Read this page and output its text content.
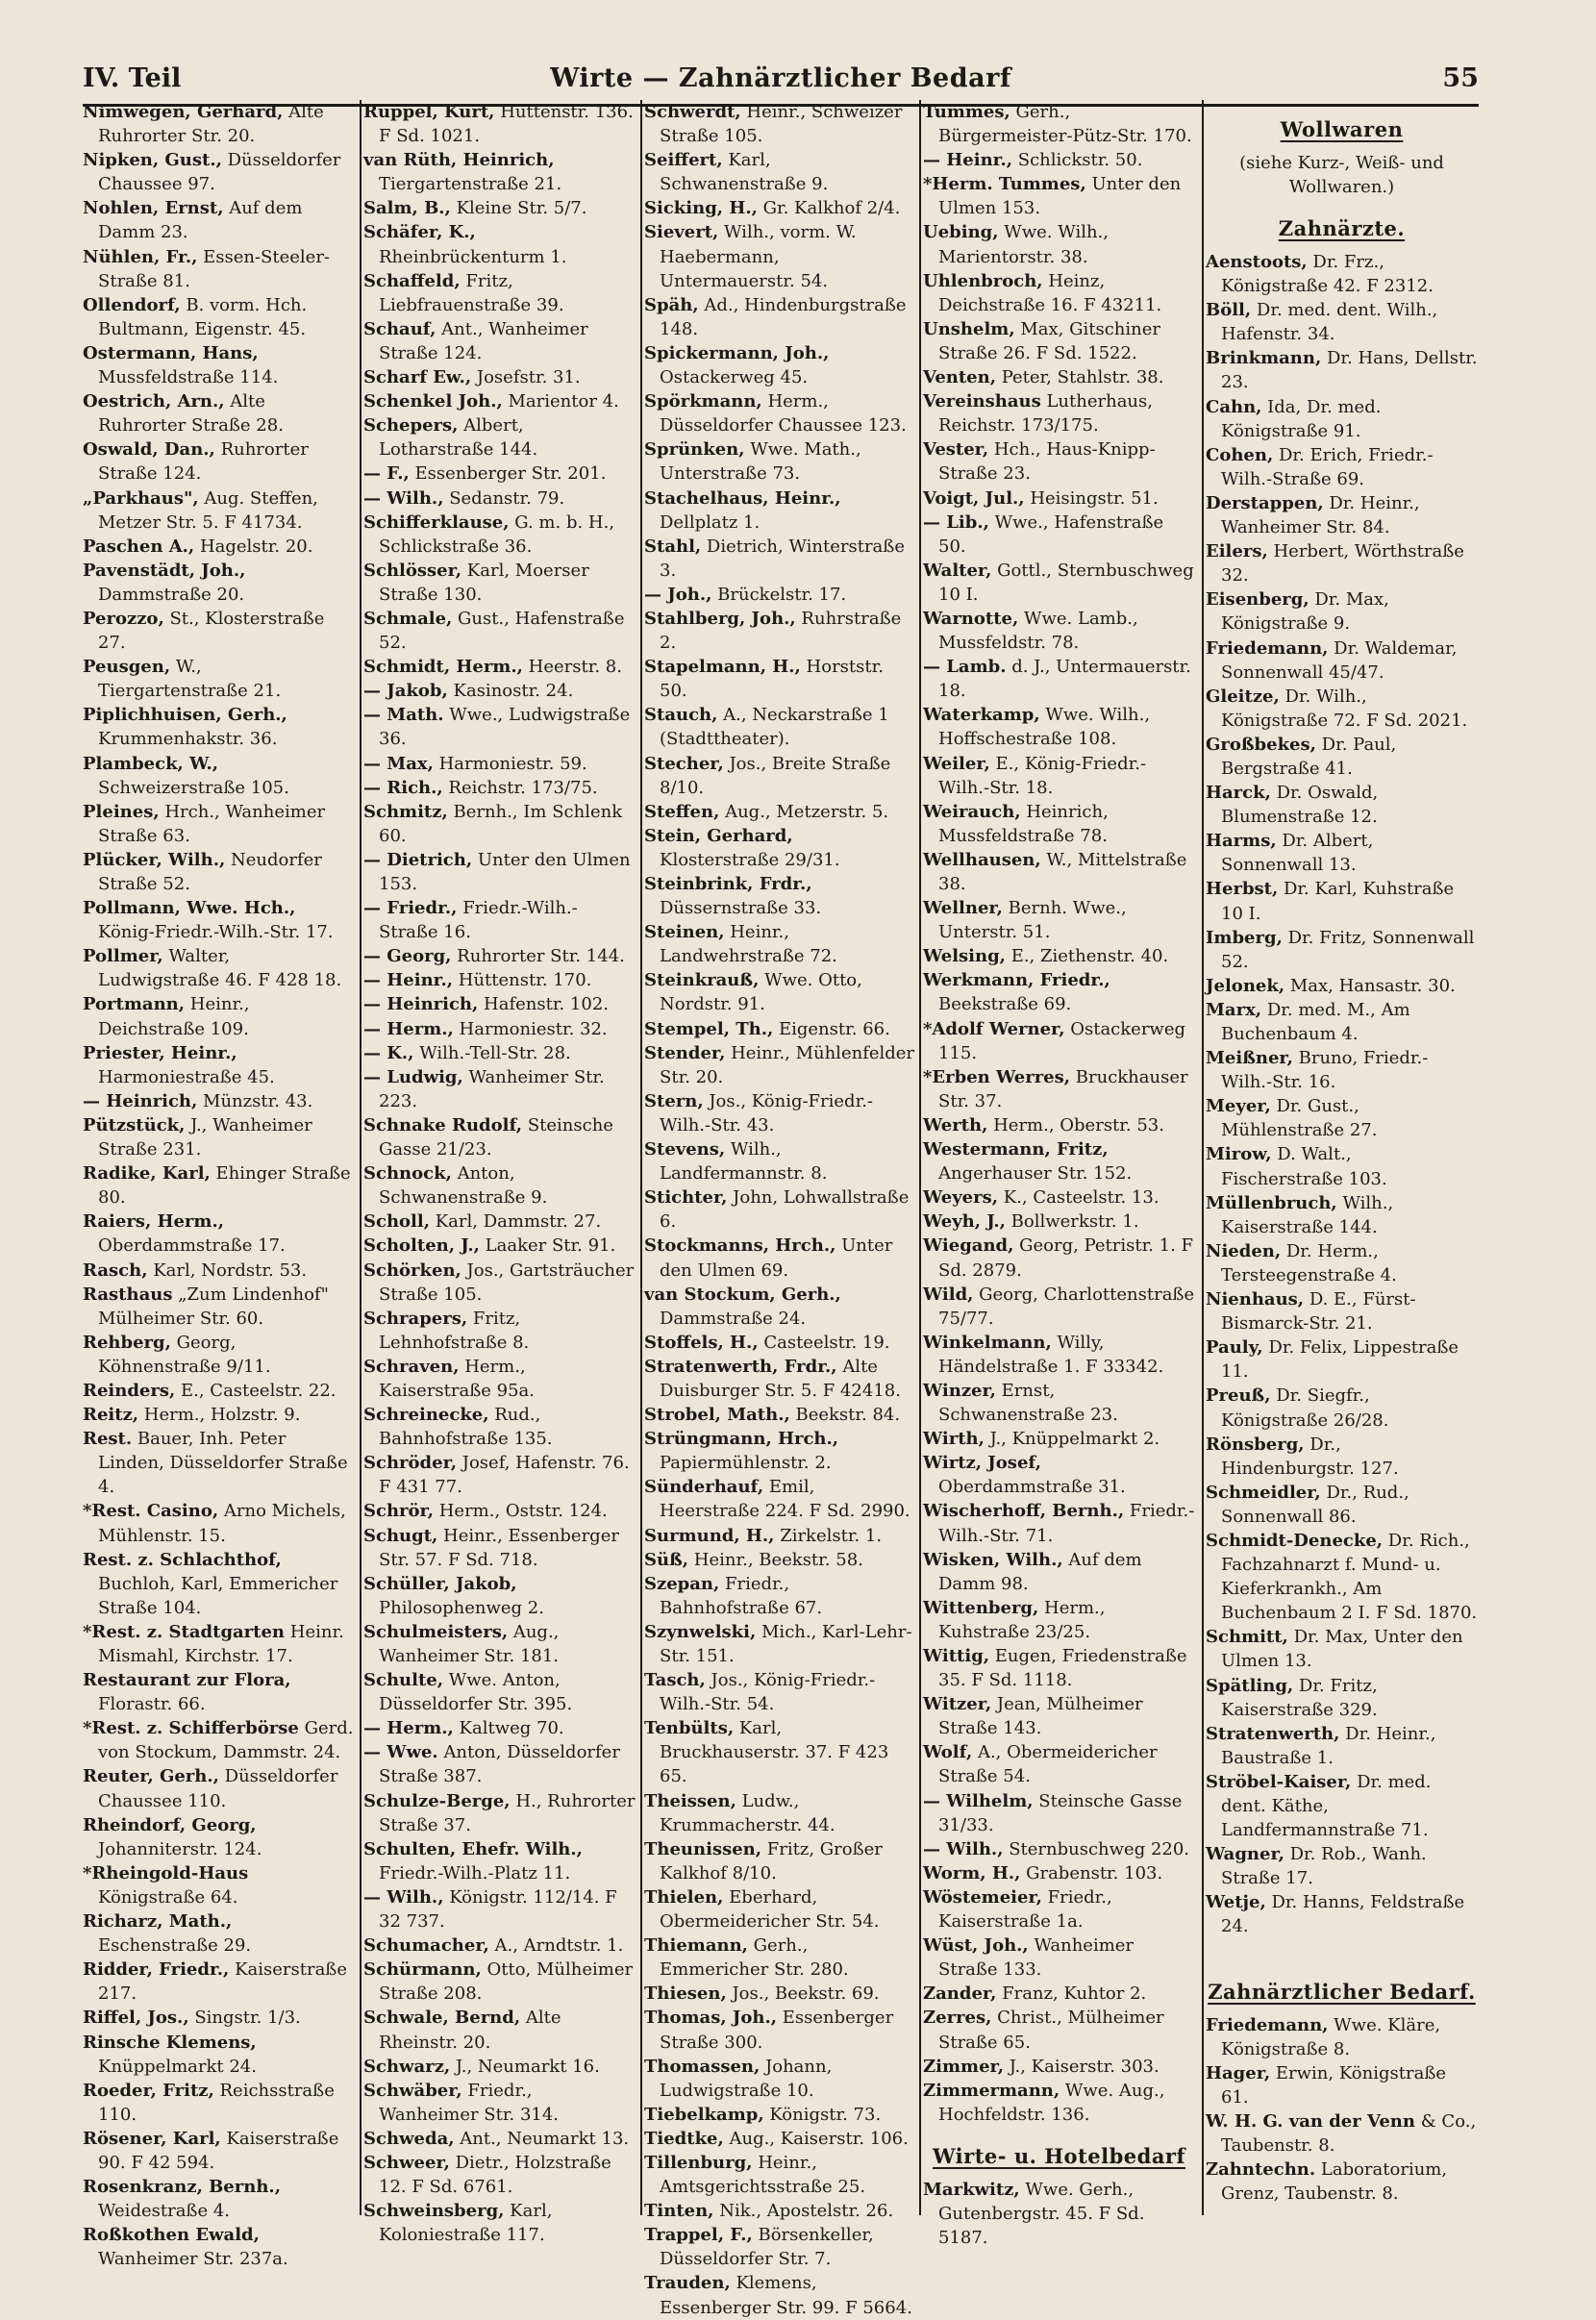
IV. Teil	Wirte — Zahnärztlicher Bedarf	55
Nimwegen, Gerhard, Alte Ruhrorter Str. 20.
Nipken, Gust., Düsseldorfer Chaussee 97.
Nohlen, Ernst, Auf dem Damm 23.
Nühlen, Fr., Essen-Steeler-Straße 81.
Ollendorf, B. vorm. Hch. Bultmann, Eigenstr. 45.
Ostermann, Hans, Mussfeldstraße 114.
Oestrich, Arn., Alte Ruhrorter Straße 28.
Oswald, Dan., Ruhrorter Straße 124.
„Parkhaus", Aug. Steffen, Metzer Str. 5. F 41734.
Paschen A., Hagelstr. 20.
Pavenstädt, Joh., Dammstraße 20.
Perozzo, St., Klosterstraße 27.
Peusgen, W., Tiergartenstraße 21.
Piplichhuisen, Gerh., Krummenhakstr. 36.
Plambeck, W., Schweizerstraße 105.
Pleines, Hrch., Wanheimer Straße 63.
Plücker, Wilh., Neudorfer Straße 52.
Pollmann, Wwe. Hch., König-Friedr.-Wilh.-Str. 17.
Pollmer, Walter, Ludwigstraße 46. F 428 18.
Portmann, Heinr., Deichstraße 109.
Priester, Heinr., Harmoniestraße 45.
— Heinrich, Münzstr. 43.
Pützstück, J., Wanheimer Straße 231.
Radike, Karl, Ehinger Straße 80.
Raiers, Herm., Oberdammstraße 17.
Rasch, Karl, Nordstr. 53.
Rasthaus „Zum Lindenhof" Mülheimer Str. 60.
Rehberg, Georg, Köhnenstraße 9/11.
Reinders, E., Casteelstr. 22.
Reitz, Herm., Holzstr. 9.
Rest. Bauer, Inh. Peter Linden, Düsseldorfer Straße 4.
*Rest. Casino, Arno Michels, Mühlenstr. 15.
Rest. z. Schlachthof, Buchloh, Karl, Emmericher Straße 104.
*Rest. z. Stadtgarten Heinr. Mismahl, Kirchstr. 17.
Restaurant zur Flora, Florastr. 66.
*Rest. z. Schifferbörse Gerd. von Stockum, Dammstr. 24.
Reuter, Gerh., Düsseldorfer Chaussee 110.
Rheindorf, Georg, Johanniterstr. 124.
*Rheingold-Haus Königstraße 64.
Richarz, Math., Eschenstraße 29.
Ridder, Friedr., Kaiserstraße 217.
Riffel, Jos., Singstr. 1/3.
Rinsche Klemens, Knüppelmarkt 24.
Roeder, Fritz, Reichsstraße 110.
Rösener, Karl, Kaiserstraße 90. F 42 594.
Rosenkranz, Bernh., Weidestraße 4.
Roßkothen Ewald, Wanheimer Str. 237a.
Rüppel, Kurt, Hüttenstr. 136. F Sd. 1021.
van Rüth, Heinrich, Tiergartenstraße 21.
Salm, B., Kleine Str. 5/7.
Schäfer, K., Rheinbrückenturm 1.
Schaffeld, Fritz, Liebfrauenstraße 39.
Schauf, Ant., Wanheimer Straße 124.
Scharf Ew., Josefstr. 31.
Schenkel Joh., Marientor 4.
Schepers, Albert, Lotharstraße 144.
— F., Essenberger Str. 201.
— Wilh., Sedanstr. 79.
Schifferklause, G. m. b. H., Schlickstraße 36.
Schlösser, Karl, Moerser Straße 130.
Schmale, Gust., Hafenstraße 52.
Schmidt, Herm., Heerstr. 8.
— Jakob, Kasinostr. 24.
— Math. Wwe., Ludwigstraße 36.
— Max, Harmoniestr. 59.
— Rich., Reichstr. 173/75.
Schmitz, Bernh., Im Schlenk 60.
— Dietrich, Unter den Ulmen 153.
— Friedr., Friedr.-Wilh.-Straße 16.
— Georg, Ruhrorter Str. 144.
— Heinr., Hüttenstr. 170.
— Heinrich, Hafenstr. 102.
— Herm., Harmoniestr. 32.
— K., Wilh.-Tell-Str. 28.
— Ludwig, Wanheimer Str. 223.
Schnake Rudolf, Steinsche Gasse 21/23.
Schnock, Anton, Schwanenstraße 9.
Scholl, Karl, Dammstr. 27.
Scholten, J., Laaker Str. 91.
Schörken, Jos., Gartsträucher Straße 105.
Schrapers, Fritz, Lehnhofstraße 8.
Schraven, Herm., Kaiserstraße 95a.
Schreinecke, Rud., Bahnhofstraße 135.
Schröder, Josef, Hafenstr. 76. F 431 77.
Schrör, Herm., Oststr. 124.
Schugt, Heinr., Essenberger Str. 57. F Sd. 718.
Schüller, Jakob, Philosophenweg 2.
Schulmeisters, Aug., Wanheimer Str. 181.
Schulte, Wwe. Anton, Düsseldorfer Str. 395.
— Herm., Kaltweg 70.
— Wwe. Anton, Düsseldorfer Straße 387.
Schulze-Berge, H., Ruhrorter Straße 37.
Schulten, Ehefr. Wilh., Friedr.-Wilh.-Platz 11.
— Wilh., Königstr. 112/14. F 32 737.
Schumacher, A., Arndtstr. 1.
Schürmann, Otto, Mülheimer Straße 208.
Schwale, Bernd, Alte Rheinstr. 20.
Schwarz, J., Neumarkt 16.
Schwäber, Friedr., Wanheimer Str. 314.
Schweda, Ant., Neumarkt 13.
Schweer, Dietr., Holzstraße 12. F Sd. 6761.
Schweinsberg, Karl, Koloniestraße 117.
Schwerdt, Heinr., Schweizer Straße 105.
Seiffert, Karl, Schwanenstraße 9.
Sicking, H., Gr. Kalkhof 2/4.
Sievert, Wilh., vorm. W. Haebermann, Untermauerstr. 54.
Späh, Ad., Hindenburgstraße 148.
Spickermann, Joh., Ostackerweg 45.
Spörkmann, Herm., Düsseldorfer Chaussee 123.
Sprünken, Wwe. Math., Unterstraße 73.
Stachelhaus, Heinr., Dellplatz 1.
Stahl, Dietrich, Winterstraße 3.
— Joh., Brückelstr. 17.
Stahlberg, Joh., Ruhrstraße 2.
Stapelmann, H., Horststr. 50.
Stauch, A., Neckarstraße 1 (Stadttheater).
Stecher, Jos., Breite Straße 8/10.
Steffen, Aug., Metzerstr. 5.
Stein, Gerhard, Klosterstraße 29/31.
Steinbrink, Frdr., Düssernstraße 33.
Steinen, Heinr., Landwehrstraße 72.
Steinkrauß, Wwe. Otto, Nordstr. 91.
Stempel, Th., Eigenstr. 66.
Stender, Heinr., Mühlenfelder Str. 20.
Stern, Jos., König-Friedr.-Wilh.-Str. 43.
Stevens, Wilh., Landfermannstr. 8.
Stichter, John, Lohwallstraße 6.
Stockmanns, Hrch., Unter den Ulmen 69.
van Stockum, Gerh., Dammstraße 24.
Stoffels, H., Casteelstr. 19.
Stratenwerth, Frdr., Alte Duisburger Str. 5. F 42418.
Strobel, Math., Beekstr. 84.
Strüngmann, Hrch., Papiermühlenstr. 2.
Sünderhauf, Emil, Heerstraße 224. F Sd. 2990.
Surmund, H., Zirkelstr. 1.
Süß, Heinr., Beekstr. 58.
Szepan, Friedr., Bahnhofstraße 67.
Szynwelski, Mich., Karl-Lehr-Str. 151.
Tasch, Jos., König-Friedr.-Wilh.-Str. 54.
Tenbülts, Karl, Bruckhauserstr. 37. F 423 65.
Theissen, Ludw., Krummacherstr. 44.
Theunissen, Fritz, Großer Kalkhof 8/10.
Thielen, Eberhard, Obermeidericher Str. 54.
Thiemann, Gerh., Emmericher Str. 280.
Thiesen, Jos., Beekstr. 69.
Thomas, Joh., Essenberger Straße 300.
Thomassen, Johann, Ludwigstraße 10.
Tiebelkamp, Königstr. 73.
Tiedtke, Aug., Kaiserstr. 106.
Tillenburg, Heinr., Amtsgerichtsstraße 25.
Tinten, Nik., Apostelstr. 26.
Trappel, F., Börsenkeller, Düsseldorfer Str. 7.
Trauden, Klemens, Essenberger Str. 99. F 5664.
Tummes, Gerh., Bürgermeister-Pütz-Str. 170.
— Heinr., Schlickstr. 50.
*Herm. Tummes, Unter den Ulmen 153.
Uebing, Wwe. Wilh., Marientorstr. 38.
Uhlenbroch, Heinz, Deichstraße 16. F 43211.
Unshelm, Max, Gitschiner Straße 26. F Sd. 1522.
Venten, Peter, Stahlstr. 38.
Vereinshaus Lutherhaus, Reichstr. 173/175.
Vester, Hch., Haus-Knipp-Straße 23.
Voigt, Jul., Heisingstr. 51.
— Lib., Wwe., Hafenstraße 50.
Walter, Gottl., Sternbuschweg 10 I.
Warnotte, Wwe. Lamb., Mussfeldstr. 78.
— Lamb. d. J., Untermauerstr. 18.
Waterkamp, Wwe. Wilh., Hoffschestraße 108.
Weiler, E., König-Friedr.-Wilh.-Str. 18.
Weirauch, Heinrich, Mussfeldstraße 78.
Wellhausen, W., Mittelstraße 38.
Wellner, Bernh. Wwe., Unterstr. 51.
Welsing, E., Ziethenstr. 40.
Werkmann, Friedr., Beekstraße 69.
*Adolf Werner, Ostackerweg 115.
*Erben Werres, Bruckhauser Str. 37.
Werth, Herm., Oberstr. 53.
Westermann, Fritz, Angerhauser Str. 152.
Weyers, K., Casteelstr. 13.
Weyh, J., Bollwerkstr. 1.
Wiegand, Georg, Petristr. 1. F Sd. 2879.
Wild, Georg, Charlottenstraße 75/77.
Winkelmann, Willy, Händelstraße 1. F 33342.
Winzer, Ernst, Schwanenstraße 23.
Wirth, J., Knüppelmarkt 2.
Wirtz, Josef, Oberdammstraße 31.
Wischerhoff, Bernh., Friedr.-Wilh.-Str. 71.
Wisken, Wilh., Auf dem Damm 98.
Wittenberg, Herm., Kuhstraße 23/25.
Wittig, Eugen, Friedenstraße 35. F Sd. 1118.
Witzer, Jean, Mülheimer Straße 143.
Wolf, A., Obermeidericher Straße 54.
— Wilhelm, Steinsche Gasse 31/33.
— Wilh., Sternbuschweg 220.
Worm, H., Grabenstr. 103.
Wöstemeier, Friedr., Kaiserstraße 1a.
Wüst, Joh., Wanheimer Straße 133.
Zander, Franz, Kuhtor 2.
Zerres, Christ., Mülheimer Straße 65.
Zimmer, J., Kaiserstr. 303.
Zimmermann, Wwe. Aug., Hochfeldstr. 136.
Wirte- u. Hotelbedarf
Markwitz, Wwe. Gerh., Gutenbergstr. 45. F Sd. 5187.
Wollwaren
(siehe Kurz-, Weiß- und Wollwaren.)
Zahnärzte.
Aenstoots, Dr. Frz., Königstraße 42. F 2312.
Böll, Dr. med. dent. Wilh., Hafenstr. 34.
Brinkmann, Dr. Hans, Dellstr. 23.
Cahn, Ida, Dr. med. Königstraße 91.
Cohen, Dr. Erich, Friedr.-Wilh.-Straße 69.
Derstappen, Dr. Heinr., Wanheimer Str. 84.
Eilers, Herbert, Wörthstraße 32.
Eisenberg, Dr. Max, Königstraße 9.
Friedemann, Dr. Waldemar, Sonnenwall 45/47.
Gleitze, Dr. Wilh., Königstraße 72. F Sd. 2021.
Großbekes, Dr. Paul, Bergstraße 41.
Harck, Dr. Oswald, Blumenstraße 12.
Harms, Dr. Albert, Sonnenwall 13.
Herbst, Dr. Karl, Kuhstraße 10 I.
Imberg, Dr. Fritz, Sonnenwall 52.
Jelonek, Max, Hansastr. 30.
Marx, Dr. med. M., Am Buchenbaum 4.
Meißner, Bruno, Friedr.-Wilh.-Str. 16.
Meyer, Dr. Gust., Mühlenstraße 27.
Mirow, D. Walt., Fischerstraße 103.
Müllenbruch, Wilh., Kaiserstraße 144.
Nieden, Dr. Herm., Tersteegenstraße 4.
Nienhaus, D. E., Fürst-Bismarck-Str. 21.
Pauly, Dr. Felix, Lippestraße 11.
Preuß, Dr. Siegfr., Königstraße 26/28.
Rönsberg, Dr., Hindenburgstr. 127.
Schmeidler, Dr., Rud., Sonnenwall 86.
Schmidt-Denecke, Dr. Rich., Fachzahnarzt f. Mund- u. Kieferkrankh., Am Buchenbaum 2 I. F Sd. 1870.
Schmitt, Dr. Max, Unter den Ulmen 13.
Spätling, Dr. Fritz, Kaiserstraße 329.
Stratenwerth, Dr. Heinr., Baustraße 1.
Ströbel-Kaiser, Dr. med. dent. Käthe, Landfermannstraße 71.
Wagner, Dr. Rob., Wanh. Straße 17.
Wetje, Dr. Hanns, Feldstraße 24.
Zahnärztlicher Bedarf.
Friedemann, Wwe. Kläre, Königstraße 8.
Hager, Erwin, Königstraße 61.
W. H. G. van der Venn & Co., Taubenstr. 8.
Zahntechn. Laboratorium, Grenz, Taubenstr. 8.
